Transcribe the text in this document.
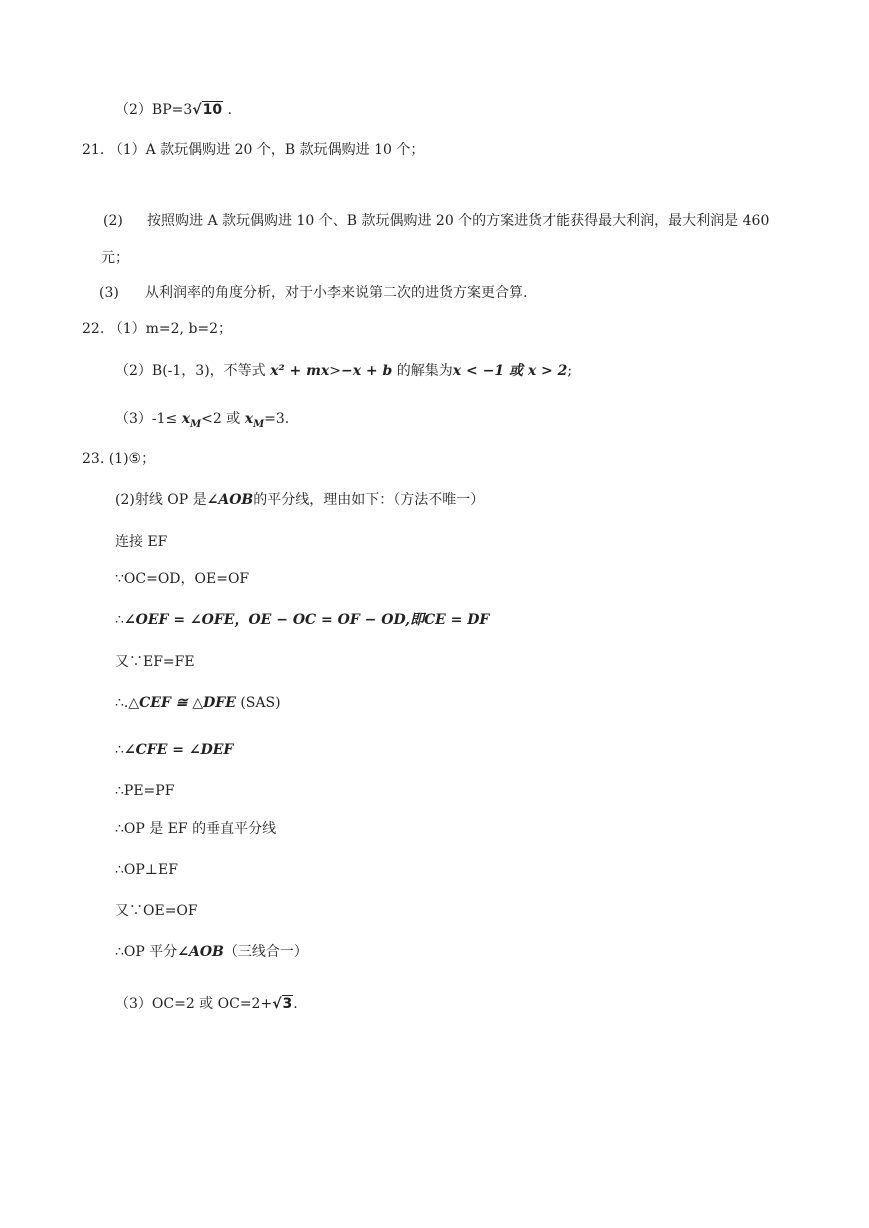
（2）BP=3√10 .
21. （1）A 款玩偶购进 20 个，B 款玩偶购进 10 个；
(2) 按照购进 A 款玩偶购进 10 个、B 款玩偶购进 20 个的方案进货才能获得最大利润，最大利润是 460
元；
(3) 从利润率的角度分析，对于小李来说第二次的进货方案更合算.
22. （1）m=2, b=2；
（2）B(-1，3)，不等式 x² + mx>−x + b 的解集为x < −1 或 x > 2;
$(3)-1\le x_M<2$ 或 $x_M=3$.
23. (1)⑤；
(2)射线 OP 是∠AOB的平分线，理由如下：（方法不唯一）
连接 EF
∵OC=OD，OE=OF
∴∠OEF = ∠OFE，OE − OC = OF − OD,即CE = DF
又∵EF=FE
∴.△CEF ≅ △DFE (SAS)
∴∠CFE = ∠DEF
∴PE=PF
∴OP 是 EF 的垂直平分线
∴OP⊥EF
又∵OE=OF
∴OP 平分∠AOB（三线合一）
（3）OC=2 或 OC=2+√3.
